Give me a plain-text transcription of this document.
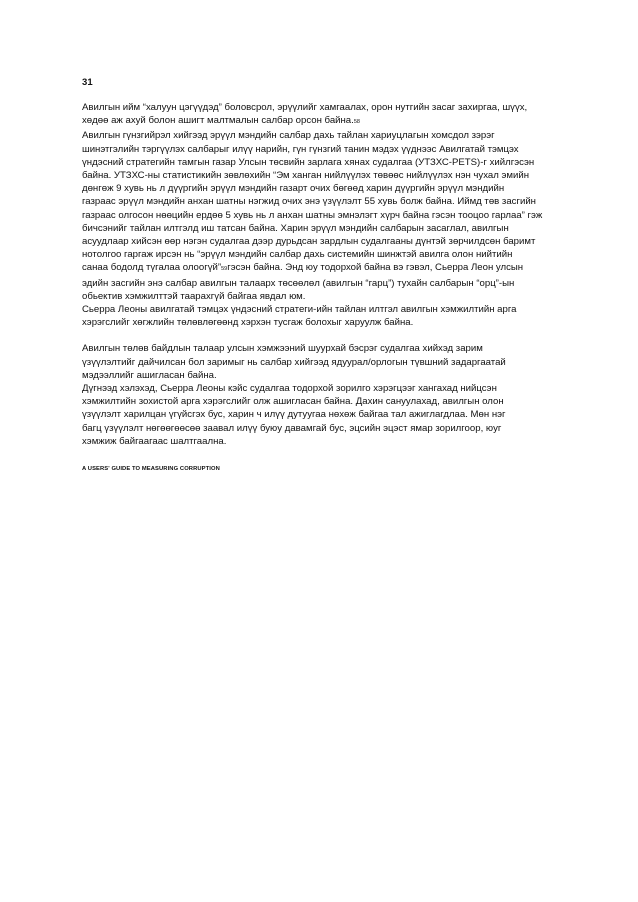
31

Авилгын ийм “халуун цэгүүдэд” боловсрол, эрүүлийг хамгаалах, орон нутгийн засаг захиргаа, шүүх,

хөдөө аж ахуй болон ашигт малтмалын салбар орсон байна.58

Авилгын гүнзгийрэл хийгээд эрүүл мэндийн салбар дахь тайлан хариуцлагын хомсдол зэрэг

шинэтгэлийн тэргүүлэх салбарыг илүү нарийн, гүн гүнзгий танин мэдэх үүднээс Авилгатай тэмцэх

үндэсний стратегийн тамгын газар Улсын төсвийн зарлага хянах судалгаа (УТЗХС-PETS)-г хийлгэсэн

байна. УТЗХС-ны статистикийн зөвлөхийн “Эм ханган нийлүүлэх төвөөс нийлүүлэх нэн чухал эмийн

дөнгөж 9 хувь нь л дүүргийн эрүүл мэндийн газарт очих бөгөөд харин дүүргийн эрүүл мэндийн

газраас эрүүл мэндийн анхан шатны нэгжид очих энэ үзүүлэлт 55 хувь болж байна. Иймд төв засгийн

газраас олгосон нөөцийн ердөө 5 хувь нь л анхан шатны эмнэлэгт хүрч байна гэсэн тооцоо гарлаа” гэж

бичсэнийг тайлан илтгэлд иш татсан байна. Харин эрүүл мэндийн салбарын засаглал, авилгын

асуудлаар хийсэн өөр нэгэн судалгаа дээр дурьдсан зардлын судалгааны дүнтэй зөрчилдсөн баримт

нотолгоо гаргаж ирсэн нь “эрүүл мэндийн салбар дахь системийн шинжтэй авилга олон нийтийн

санаа бодолд түгалаа олоогүй”59гэсэн байна. Энд юу тодорхой байна вэ гэвэл, Сьерра Леон улсын

эдийн засгийн энэ салбар авилгын талаарх төсөөлөл (авилгын “гарц”) тухайн салбарын “орц”-ын

обьектив хэмжилттэй таарахгүй байгаа явдал юм.

Сьерра Леоны авилгатай тэмцэх үндэсний стратеги-ийн тайлан илтгэл авилгын хэмжилтийн арга

хэрэгслийг хөгжлийн төлөвлөгөөнд хэрхэн тусгаж болохыг харуулж байна.

Авилгын төлөв байдлын талаар улсын хэмжээний шуурхай бэсрэг судалгаа хийхэд зарим

үзүүлэлтийг дайчилсан бол заримыг нь салбар хийгээд ядуурал/орлогын түвшний задаргаатай

мэдээллийг ашигласан байна.

Дүгнээд хэлэхэд, Сьерра Леоны кэйс судалгаа тодорхой зорилго хэрэгцээг хангахад нийцсэн

хэмжилтийн зохистой арга хэрэгслийг олж ашигласан байна. Дахин сануулахад, авилгын олон

үзүүлэлт харилцан үгүйсгэх бус, харин ч илүү дутуугаа нөхөж байгаа тал ажиглагдлаа. Мөн нэг

багц үзүүлэлт нөгөөгөөсөө заавал илүү буюу давамгай бус, эцсийн эцэст ямар зорилгоор, юуг

хэмжиж байгаагаас шалтгаална.

A USERS' GUIDE TO MEASURING CORRUPTION
